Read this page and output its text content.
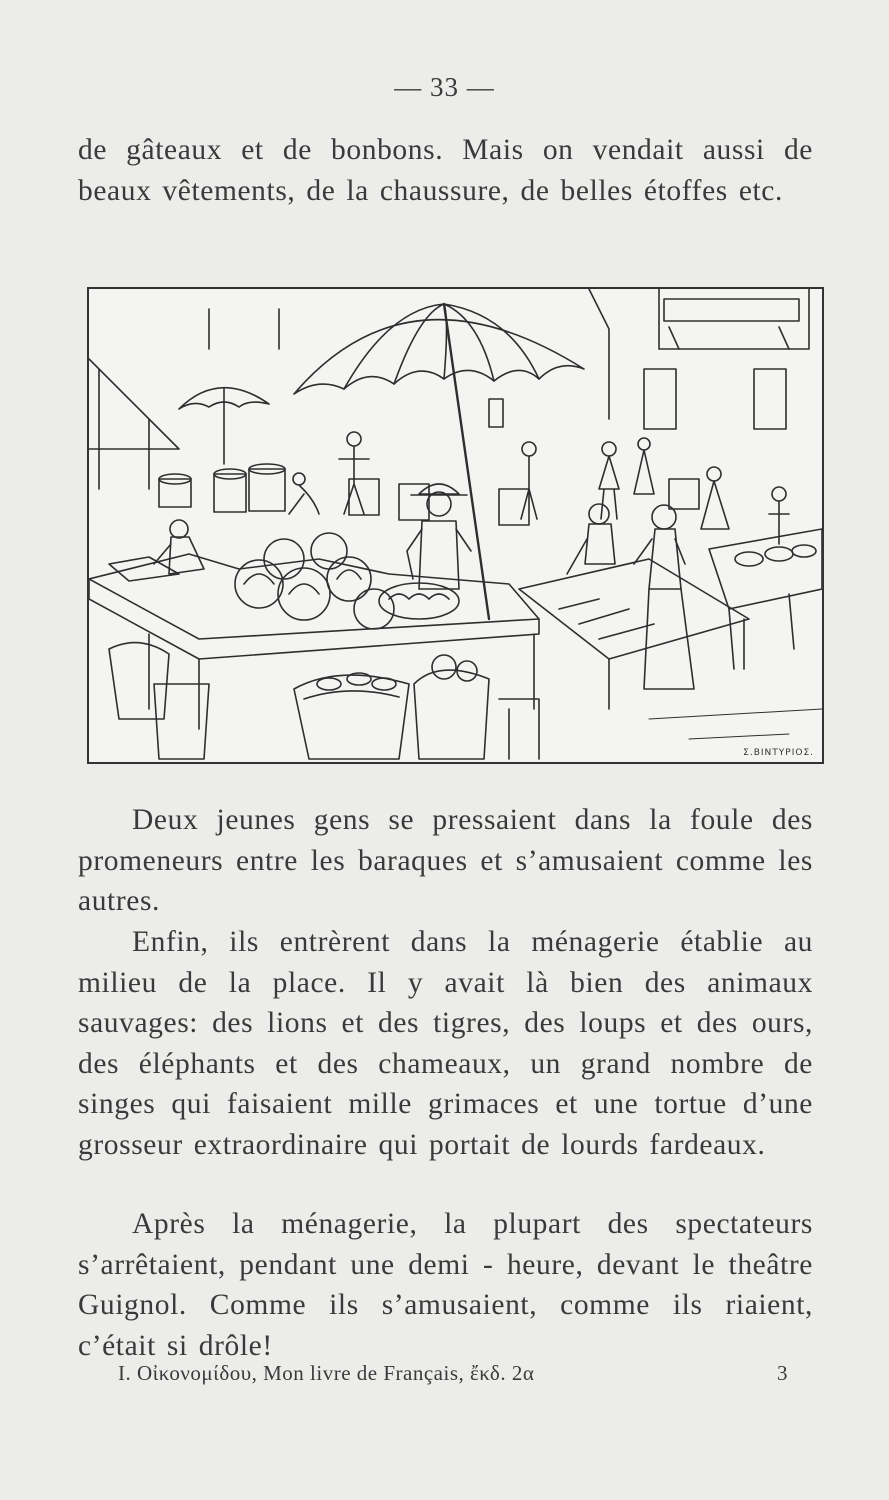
— 33 —

de gâteaux et de bonbons. Mais on vendait aussi de beaux vêtements, de la chaussure, de belles étoffes etc.

Σ.ΒΙΝΤΥΡΙΟΣ.

Deux jeunes gens se pressaient dans la foule des promeneurs entre les baraques et s’amusaient comme les autres.

Enfin, ils entrèrent dans la ménagerie établie au milieu de la place. Il y avait là bien des animaux sauvages: des lions et des tigres, des loups et des ours, des éléphants et des chameaux, un grand nombre de singes qui faisaient mille grimaces et une tortue d’une grosseur extraordinaire qui portait de lourds fardeaux.

Après la ménagerie, la plupart des spectateurs s’arrêtaient, pendant une demi - heure, devant le theâtre Guignol. Comme ils s’amusaient, comme ils riaient, c’était si drôle!

I. Οἰκονομίδου, Mon livre de Français, ἔκδ. 2α	3
